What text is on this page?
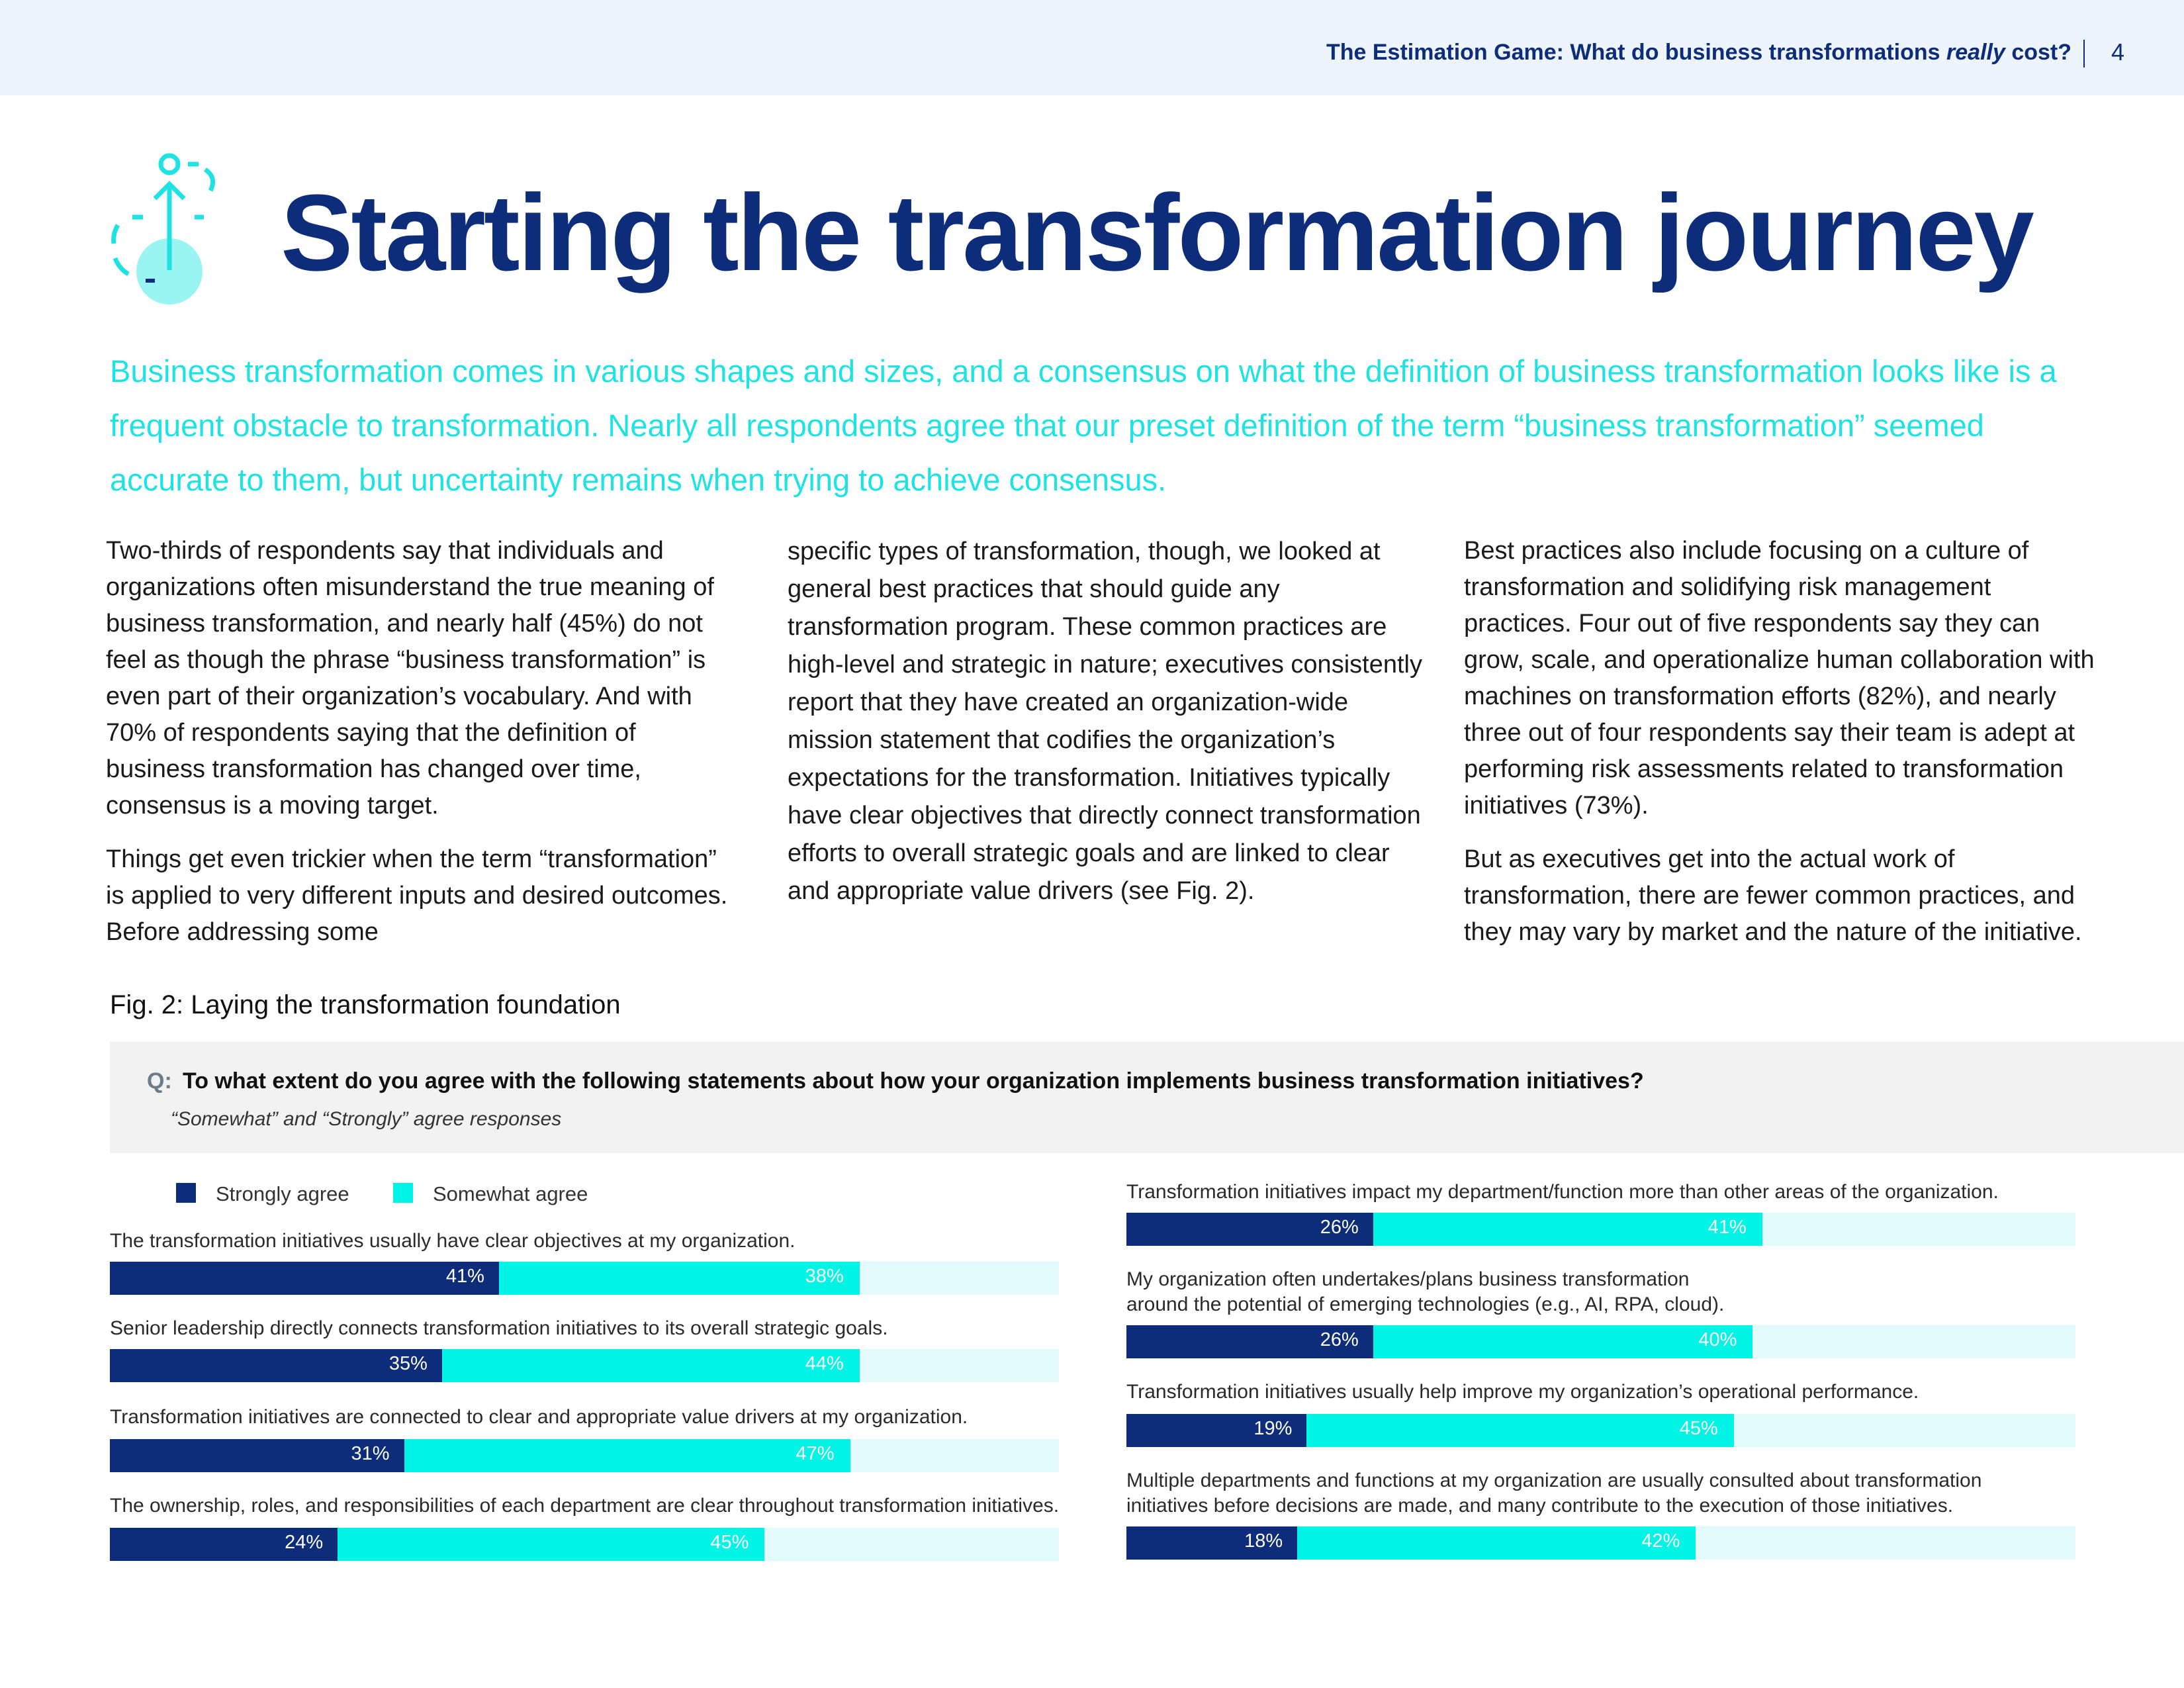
The Estimation Game: What do business transformations really cost? 4
Starting the transformation journey
Business transformation comes in various shapes and sizes, and a consensus on what the definition of business transformation looks like is a frequent obstacle to transformation. Nearly all respondents agree that our preset definition of the term “business transformation” seemed accurate to them, but uncertainty remains when trying to achieve consensus.

Two-thirds of respondents say that individuals and organizations often misunderstand the true meaning of business transformation, and nearly half (45%) do not feel as though the phrase “business transformation” is even part of their organization’s vocabulary. And with 70% of respondents saying that the definition of business transformation has changed over time, consensus is a moving target.

Things get even trickier when the term “transformation” is applied to very different inputs and desired outcomes. Before addressing some

specific types of transformation, though, we looked at general best practices that should guide any transformation program. These common practices are high-level and strategic in nature; executives consistently report that they have created an organization-wide mission statement that codifies the organization’s expectations for the transformation. Initiatives typically have clear objectives that directly connect transformation efforts to overall strategic goals and are linked to clear and appropriate value drivers (see Fig. 2).

Best practices also include focusing on a culture of transformation and solidifying risk management practices. Four out of five respondents say they can grow, scale, and operationalize human collaboration with machines on transformation efforts (82%), and nearly three out of four respondents say their team is adept at performing risk assessments related to transformation initiatives (73%).

But as executives get into the actual work of transformation, there are fewer common practices, and they may vary by market and the nature of the initiative.

Fig. 2: Laying the transformation foundation
Q: To what extent do you agree with the following statements about how your organization implements business transformation initiatives?
“Somewhat” and “Strongly” agree responses
Strongly agree	Somewhat agree
The transformation initiatives usually have clear objectives at my organization.
41%	38%
Senior leadership directly connects transformation initiatives to its overall strategic goals.
35%	44%
Transformation initiatives are connected to clear and appropriate value drivers at my organization.
31%	47%
The ownership, roles, and responsibilities of each department are clear throughout transformation initiatives.
24%	45%
Transformation initiatives impact my department/function more than other areas of the organization.
26%	41%
My organization often undertakes/plans business transformation
around the potential of emerging technologies (e.g., AI, RPA, cloud).
26%	40%
Transformation initiatives usually help improve my organization’s operational performance.
19%	45%
Multiple departments and functions at my organization are usually consulted about transformation
initiatives before decisions are made, and many contribute to the execution of those initiatives.
18%	42%
